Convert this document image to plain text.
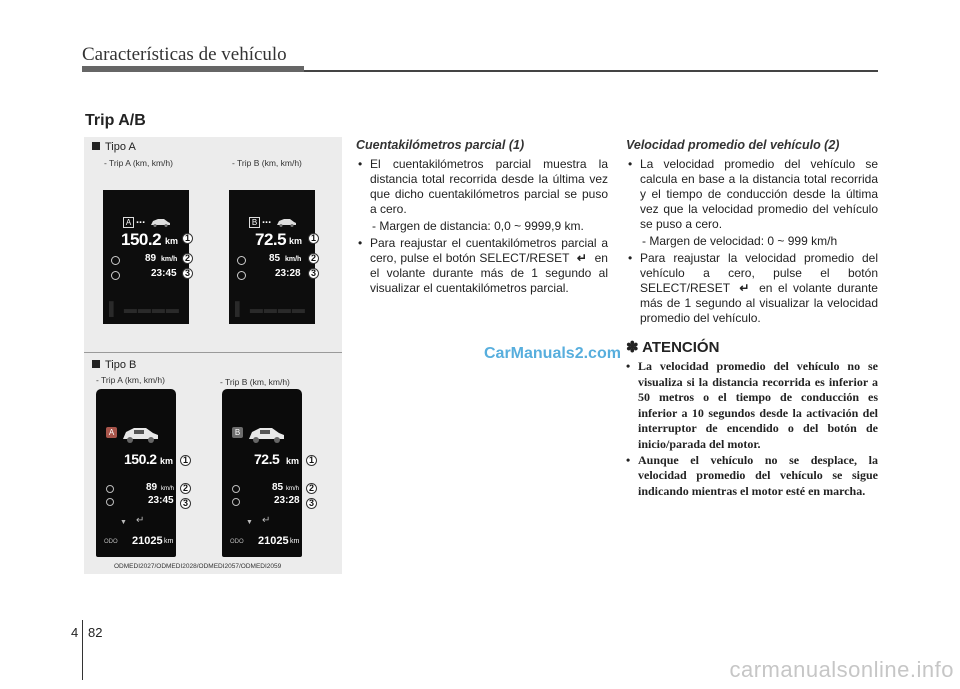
Características de vehículo
Trip A/B
Tipo A
- Trip A (km, km/h)	- Trip B (km, km/h)
A ...
150.2 km
89 km/h
23:45
▌ ▬▬▬▬
1
2
3
B ...
72.5 km
85 km/h
23:28
▌ ▬▬▬▬
1
2
3
Tipo B
- Trip A (km, km/h)	- Trip B (km, km/h)
A
150.2 km
89 km/h
23:45
▼ ↵
ODO 21025 km
1
2
3
B
72.5 km
85 km/h
23:28
▼ ↵
ODO 21025 km
1
2
3
ODMEDI2027/ODMEDI2028/ODMEDI2057/ODMEDI2059
Cuentakilómetros parcial (1)
• El cuentakilómetros parcial muestra la distancia total recorrida desde la última vez que dicho cuentakilómetros parcial se puso a cero.
- Margen de distancia: 0,0 ~ 9999,9 km.
• Para reajustar el cuentakilómetros parcial a cero, pulse el botón SELECT/RESET ↵ en el volante durante más de 1 segundo al visualizar el cuentakilómetros parcial.
CarManuals2.com
Velocidad promedio del vehículo (2)
• La velocidad promedio del vehículo se calcula en base a la distancia total recorrida y el tiempo de conducción desde la última vez que la velocidad promedio del vehículo se puso a cero.
- Margen de velocidad: 0 ~ 999 km/h
• Para reajustar la velocidad promedio del vehículo a cero, pulse el botón SELECT/RESET ↵ en el volante durante más de 1 segundo al visualizar la velocidad promedio del vehículo.
✽ ATENCIÓN
• La velocidad promedio del vehículo no se visualiza si la distancia recorrida es inferior a 50 metros o el tiempo de conducción es inferior a 10 segundos desde la activación del interruptor de encendido o del botón de inicio/parada del motor.
• Aunque el vehículo no se desplace, la velocidad promedio del vehículo se sigue indicando mientras el motor esté en marcha.
4 82
carmanualsonline.info
